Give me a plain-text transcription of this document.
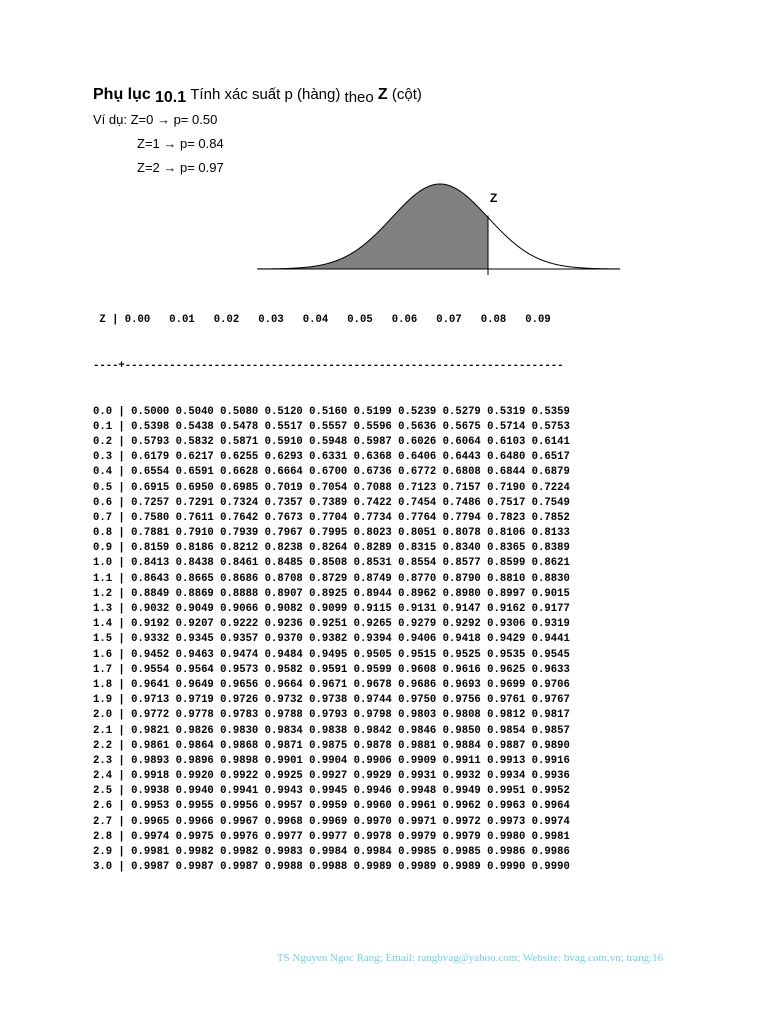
Phụ lục 10.1 Tính xác suất p (hàng) theo Z (cột)
Ví dụ: Z=0 → p= 0.50
Z=1 → p= 0.84
Z=2 → p= 0.97
Z

Z | 0.00   0.01   0.02   0.03   0.04   0.05   0.06   0.07   0.08   0.09

----+---------------------------------------------------------------------

0.0 | 0.5000 0.5040 0.5080 0.5120 0.5160 0.5199 0.5239 0.5279 0.5319 0.5359
0.1 | 0.5398 0.5438 0.5478 0.5517 0.5557 0.5596 0.5636 0.5675 0.5714 0.5753
0.2 | 0.5793 0.5832 0.5871 0.5910 0.5948 0.5987 0.6026 0.6064 0.6103 0.6141
0.3 | 0.6179 0.6217 0.6255 0.6293 0.6331 0.6368 0.6406 0.6443 0.6480 0.6517
0.4 | 0.6554 0.6591 0.6628 0.6664 0.6700 0.6736 0.6772 0.6808 0.6844 0.6879
0.5 | 0.6915 0.6950 0.6985 0.7019 0.7054 0.7088 0.7123 0.7157 0.7190 0.7224
0.6 | 0.7257 0.7291 0.7324 0.7357 0.7389 0.7422 0.7454 0.7486 0.7517 0.7549
0.7 | 0.7580 0.7611 0.7642 0.7673 0.7704 0.7734 0.7764 0.7794 0.7823 0.7852
0.8 | 0.7881 0.7910 0.7939 0.7967 0.7995 0.8023 0.8051 0.8078 0.8106 0.8133
0.9 | 0.8159 0.8186 0.8212 0.8238 0.8264 0.8289 0.8315 0.8340 0.8365 0.8389
1.0 | 0.8413 0.8438 0.8461 0.8485 0.8508 0.8531 0.8554 0.8577 0.8599 0.8621
1.1 | 0.8643 0.8665 0.8686 0.8708 0.8729 0.8749 0.8770 0.8790 0.8810 0.8830
1.2 | 0.8849 0.8869 0.8888 0.8907 0.8925 0.8944 0.8962 0.8980 0.8997 0.9015
1.3 | 0.9032 0.9049 0.9066 0.9082 0.9099 0.9115 0.9131 0.9147 0.9162 0.9177
1.4 | 0.9192 0.9207 0.9222 0.9236 0.9251 0.9265 0.9279 0.9292 0.9306 0.9319
1.5 | 0.9332 0.9345 0.9357 0.9370 0.9382 0.9394 0.9406 0.9418 0.9429 0.9441
1.6 | 0.9452 0.9463 0.9474 0.9484 0.9495 0.9505 0.9515 0.9525 0.9535 0.9545
1.7 | 0.9554 0.9564 0.9573 0.9582 0.9591 0.9599 0.9608 0.9616 0.9625 0.9633
1.8 | 0.9641 0.9649 0.9656 0.9664 0.9671 0.9678 0.9686 0.9693 0.9699 0.9706
1.9 | 0.9713 0.9719 0.9726 0.9732 0.9738 0.9744 0.9750 0.9756 0.9761 0.9767
2.0 | 0.9772 0.9778 0.9783 0.9788 0.9793 0.9798 0.9803 0.9808 0.9812 0.9817
2.1 | 0.9821 0.9826 0.9830 0.9834 0.9838 0.9842 0.9846 0.9850 0.9854 0.9857
2.2 | 0.9861 0.9864 0.9868 0.9871 0.9875 0.9878 0.9881 0.9884 0.9887 0.9890
2.3 | 0.9893 0.9896 0.9898 0.9901 0.9904 0.9906 0.9909 0.9911 0.9913 0.9916
2.4 | 0.9918 0.9920 0.9922 0.9925 0.9927 0.9929 0.9931 0.9932 0.9934 0.9936
2.5 | 0.9938 0.9940 0.9941 0.9943 0.9945 0.9946 0.9948 0.9949 0.9951 0.9952
2.6 | 0.9953 0.9955 0.9956 0.9957 0.9959 0.9960 0.9961 0.9962 0.9963 0.9964
2.7 | 0.9965 0.9966 0.9967 0.9968 0.9969 0.9970 0.9971 0.9972 0.9973 0.9974
2.8 | 0.9974 0.9975 0.9976 0.9977 0.9977 0.9978 0.9979 0.9979 0.9980 0.9981
2.9 | 0.9981 0.9982 0.9982 0.9983 0.9984 0.9984 0.9985 0.9985 0.9986 0.9986
3.0 | 0.9987 0.9987 0.9987 0.9988 0.9988 0.9989 0.9989 0.9989 0.9990 0.9990

TS Nguyen Ngoc Rang; Email: rangbvag@yahoo.com; Website: bvag.com.vn; trang:16
